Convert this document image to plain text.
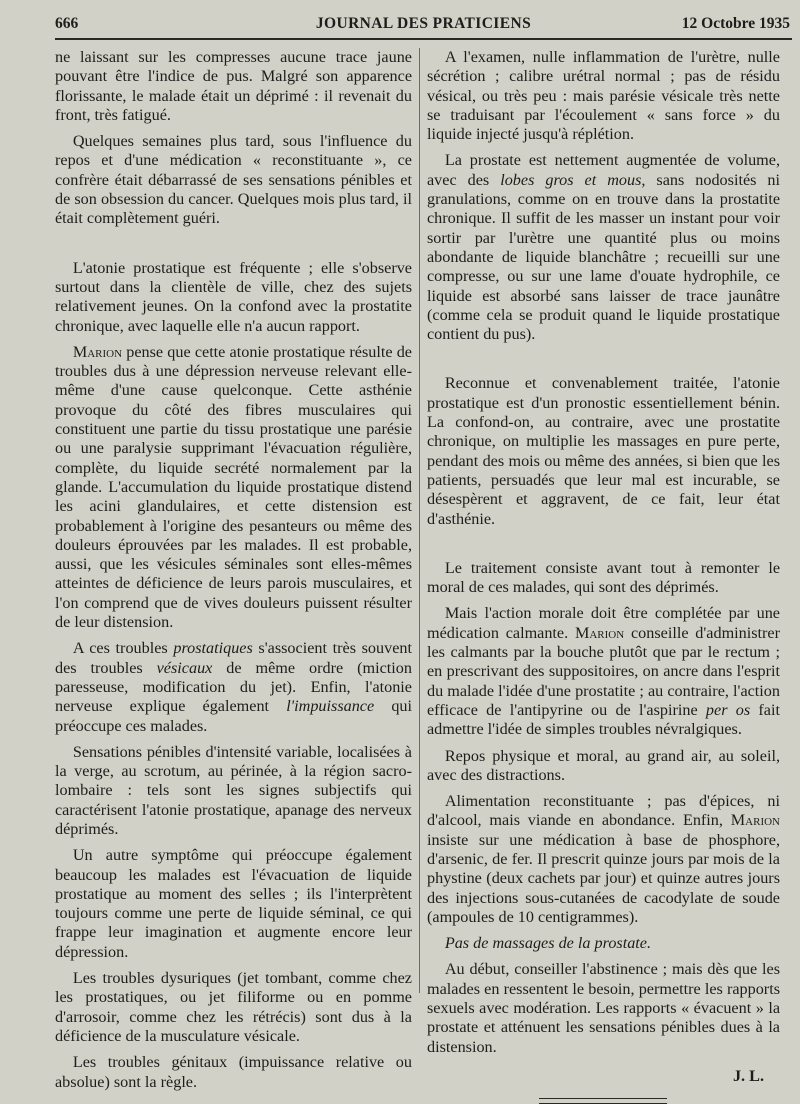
666	JOURNAL DES PRATICIENS	12 Octobre 1935

ne laissant sur les compresses aucune trace jaune pouvant être l'indice de pus. Malgré son apparence florissante, le malade était un déprimé : il revenait du front, très fatigué.

Quelques semaines plus tard, sous l'influence du repos et d'une médication « reconstituante », ce confrère était débarrassé de ses sensations pénibles et de son obsession du cancer. Quelques mois plus tard, il était complètement guéri.

L'atonie prostatique est fréquente ; elle s'observe surtout dans la clientèle de ville, chez des sujets relativement jeunes. On la confond avec la prostatite chronique, avec laquelle elle n'a aucun rapport.

Marion pense que cette atonie prostatique résulte de troubles dus à une dépression nerveuse relevant elle-même d'une cause quelconque. Cette asthénie provoque du côté des fibres musculaires qui constituent une partie du tissu prostatique une parésie ou une paralysie supprimant l'évacuation régulière, complète, du liquide secrété normalement par la glande. L'accumulation du liquide prostatique distend les acini glandulaires, et cette distension est probablement à l'origine des pesanteurs ou même des douleurs éprouvées par les malades. Il est probable, aussi, que les vésicules séminales sont elles-mêmes atteintes de déficience de leurs parois musculaires, et l'on comprend que de vives douleurs puissent résulter de leur distension.

A ces troubles prostatiques s'associent très souvent des troubles vésicaux de même ordre (miction paresseuse, modification du jet). Enfin, l'atonie nerveuse explique également l'impuissance qui préoccupe ces malades.

Sensations pénibles d'intensité variable, localisées à la verge, au scrotum, au périnée, à la région sacro-lombaire : tels sont les signes subjectifs qui caractérisent l'atonie prostatique, apanage des nerveux déprimés.

Un autre symptôme qui préoccupe également beaucoup les malades est l'évacuation de liquide prostatique au moment des selles ; ils l'interprètent toujours comme une perte de liquide séminal, ce qui frappe leur imagination et augmente encore leur dépression.

Les troubles dysuriques (jet tombant, comme chez les prostatiques, ou jet filiforme ou en pomme d'arrosoir, comme chez les rétrécis) sont dus à la déficience de la musculature vésicale.

Les troubles génitaux (impuissance relative ou absolue) sont la règle.

A l'examen, nulle inflammation de l'urètre, nulle sécrétion ; calibre urétral normal ; pas de résidu vésical, ou très peu : mais parésie vésicale très nette se traduisant par l'écoulement « sans force » du liquide injecté jusqu'à réplétion.

La prostate est nettement augmentée de volume, avec des lobes gros et mous, sans nodosités ni granulations, comme on en trouve dans la prostatite chronique. Il suffit de les masser un instant pour voir sortir par l'urètre une quantité plus ou moins abondante de liquide blanchâtre ; recueilli sur une compresse, ou sur une lame d'ouate hydrophile, ce liquide est absorbé sans laisser de trace jaunâtre (comme cela se produit quand le liquide prostatique contient du pus).

Reconnue et convenablement traitée, l'atonie prostatique est d'un pronostic essentiellement bénin. La confond-on, au contraire, avec une prostatite chronique, on multiplie les massages en pure perte, pendant des mois ou même des années, si bien que les patients, persuadés que leur mal est incurable, se désespèrent et aggravent, de ce fait, leur état d'asthénie.

Le traitement consiste avant tout à remonter le moral de ces malades, qui sont des déprimés.

Mais l'action morale doit être complétée par une médication calmante. Marion conseille d'administrer les calmants par la bouche plutôt que par le rectum ; en prescrivant des suppositoires, on ancre dans l'esprit du malade l'idée d'une prostatite ; au contraire, l'action efficace de l'antipyrine ou de l'aspirine per os fait admettre l'idée de simples troubles névralgiques.

Repos physique et moral, au grand air, au soleil, avec des distractions.

Alimentation reconstituante ; pas d'épices, ni d'alcool, mais viande en abondance. Enfin, Marion insiste sur une médication à base de phosphore, d'arsenic, de fer. Il prescrit quinze jours par mois de la phystine (deux cachets par jour) et quinze autres jours des injections sous-cutanées de cacodylate de soude (ampoules de 10 centigrammes).

Pas de massages de la prostate.

Au début, conseiller l'abstinence ; mais dès que les malades en ressentent le besoin, permettre les rapports sexuels avec modération. Les rapports « évacuent » la prostate et atténuent les sensations pénibles dues à la distension.

J. L.
